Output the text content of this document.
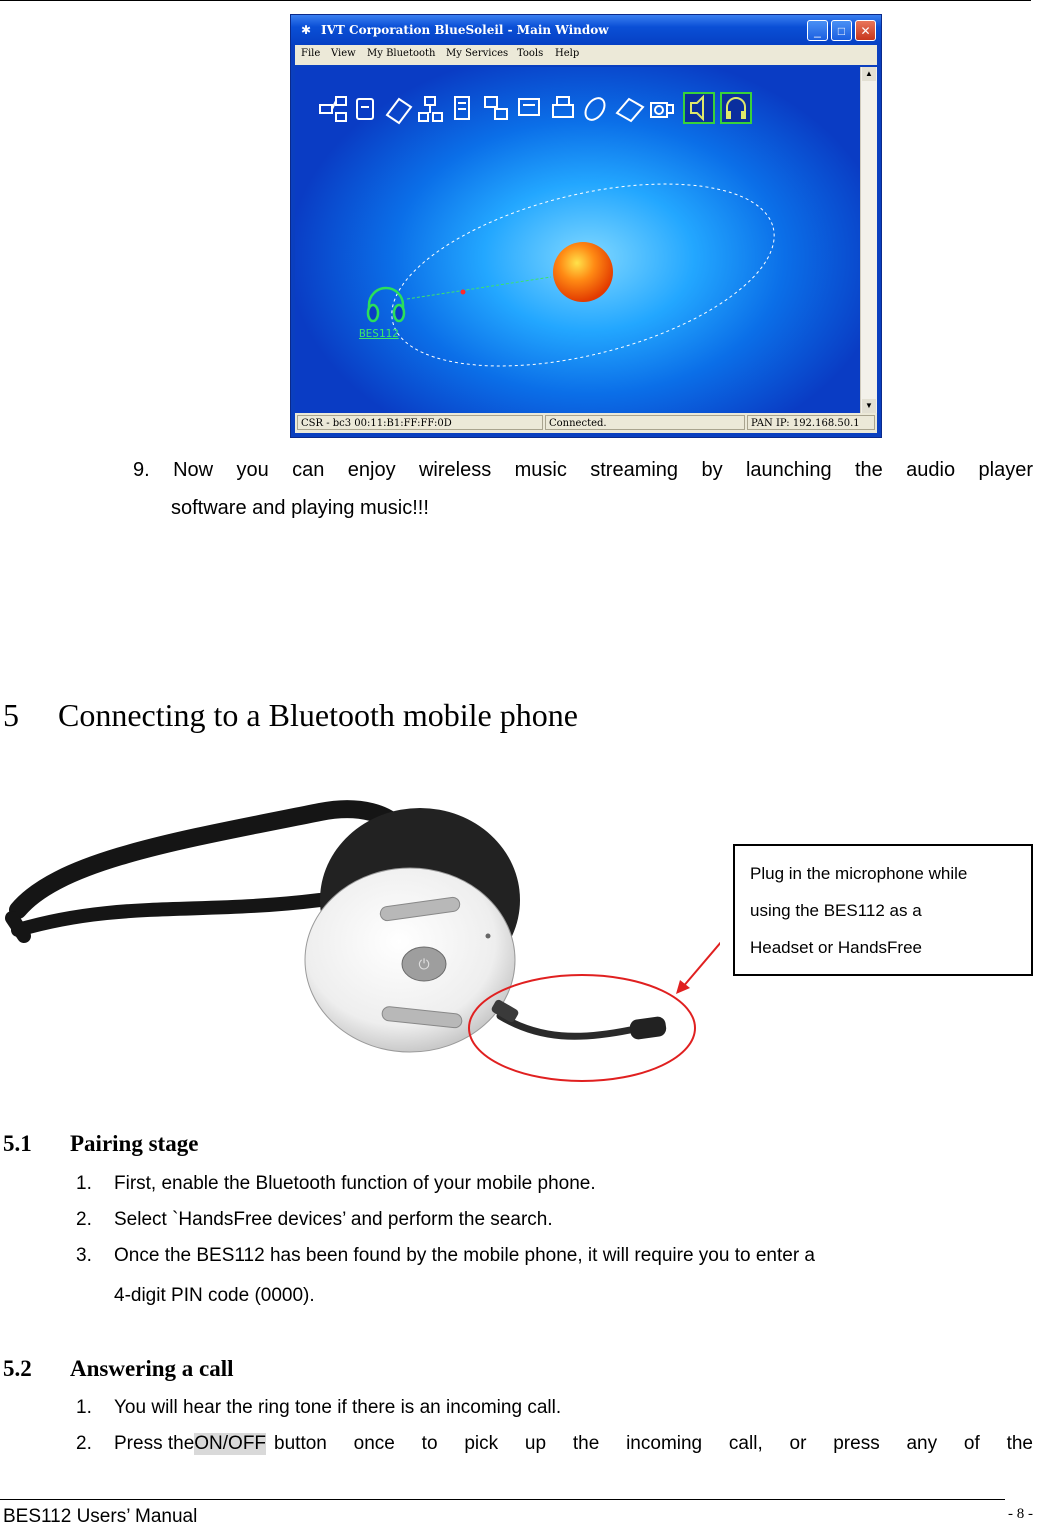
✱ IVT Corporation BlueSoleil - Main Window	_	□	✕
File View My Bluetooth My Services Tools Help
BES112
▲
▼
CSR - bc3 00:11:B1:FF:FF:0D	Connected.	PAN IP: 192.168.50.1
9. Now you can enjoy wireless music streaming by launching the audio player
software and playing music!!!
5 Connecting to a Bluetooth mobile phone
⏻
Plug in the microphone while
using the BES112 as a
Headset or HandsFree
5.1 Pairing stage
1. First, enable the Bluetooth function of your mobile phone.
2. Select `HandsFree devices’ and perform the search.
3. Once the BES112 has been found by the mobile phone, it will require you to enter a
4-digit PIN code (0000).
5.2 Answering a call
1. You will hear the ring tone if there is an incoming call.
2. Press the ON/OFF button once to pick up the incoming call, or press any of the
BES112 Users’ Manual	- 8 -
